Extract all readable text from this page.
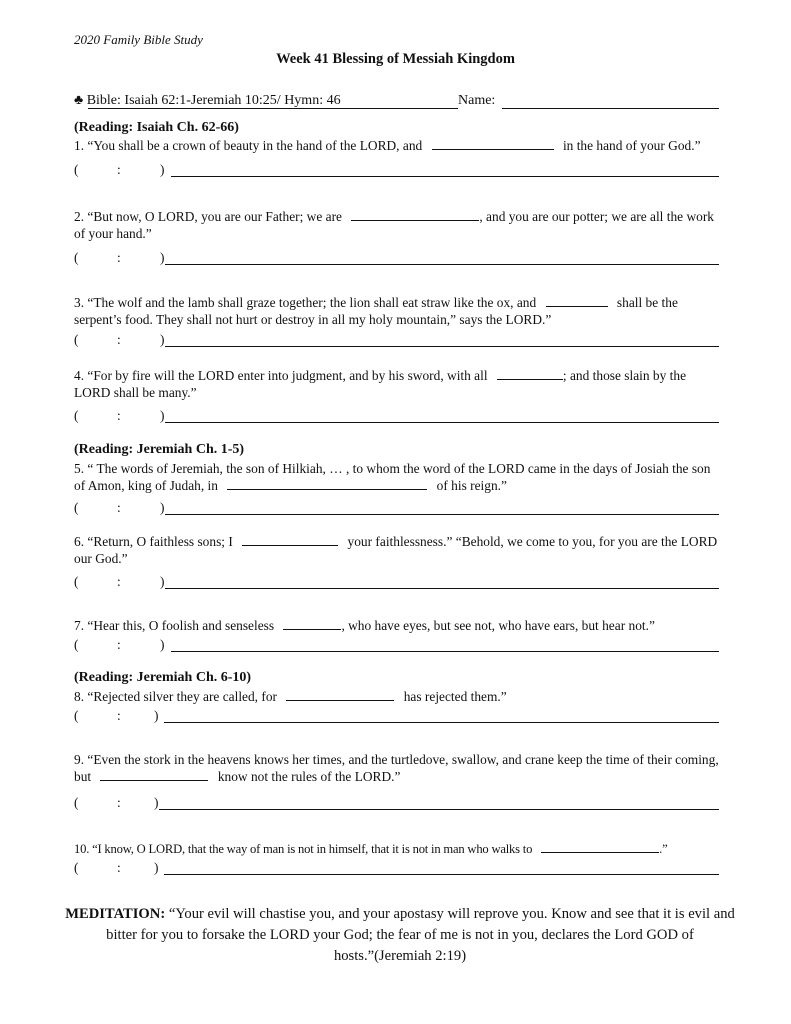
2020 Family Bible Study
Week 41 Blessing of Messiah Kingdom
♣ Bible: Isaiah 62:1-Jeremiah 10:25/ Hymn: 46	Name:
(Reading: Isaiah Ch. 62-66)
1. “You shall be a crown of beauty in the hand of the LORD, and	in the hand of your God.”
(	:	)
2. “But now, O LORD, you are our Father; we are	, and you are our potter; we are all the work of your hand.”
(	:	)
3. “The wolf and the lamb shall graze together; the lion shall eat straw like the ox, and	shall be the serpent’s food. They shall not hurt or destroy in all my holy mountain,” says the LORD.”
(	:	)
4. “For by fire will the LORD enter into judgment, and by his sword, with all	; and those slain by the LORD shall be many.”
(	:	)
(Reading: Jeremiah Ch. 1-5)
5. “ The words of Jeremiah, the son of Hilkiah, … , to whom the word of the LORD came in the days of Josiah the son of Amon, king of Judah, in	of his reign.”
(	:	)
6. “Return, O faithless sons; I	your faithlessness.” “Behold, we come to you, for you are the LORD our God.”
(	:	)
7. “Hear this, O foolish and senseless	, who have eyes, but see not, who have ears, but hear not.”
(	:	)
(Reading: Jeremiah Ch. 6-10)
8. “Rejected silver they are called, for	has rejected them.”
(	: )
9. “Even the stork in the heavens knows her times, and the turtledove, swallow, and crane keep the time of their coming, but	know not the rules of the LORD.”
(	: )
10. “I know, O LORD, that the way of man is not in himself, that it is not in man who walks to	.”
(	: )
MEDITATION: “Your evil will chastise you, and your apostasy will reprove you. Know and see that it is evil and bitter for you to forsake the LORD your God; the fear of me is not in you, declares the Lord GOD of hosts.”(Jeremiah 2:19)
